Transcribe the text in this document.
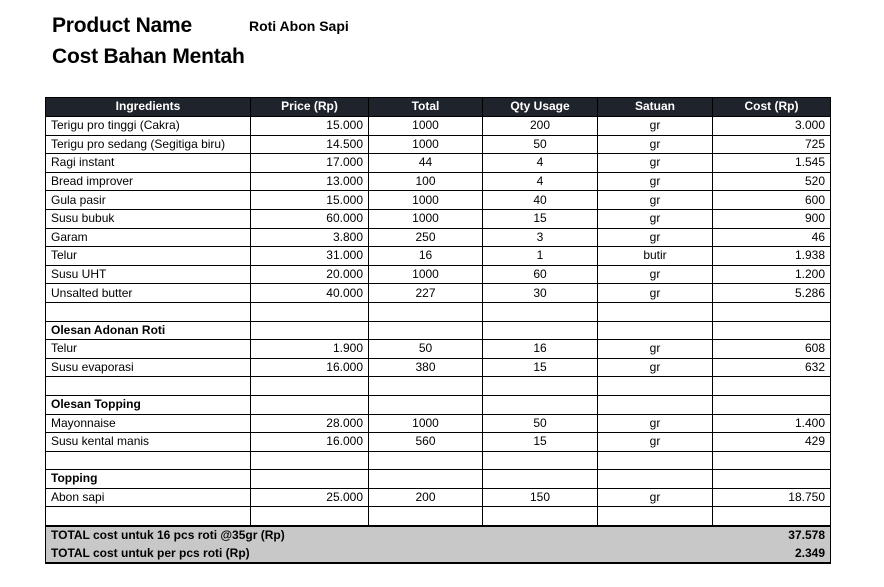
Product Name	Roti Abon Sapi
Cost Bahan Mentah
Ingredients	Price (Rp)	Total	Qty Usage	Satuan	Cost (Rp)
Terigu pro tinggi (Cakra)	15.000	1000	200	gr	3.000
Terigu pro sedang (Segitiga biru)	14.500	1000	50	gr	725
Ragi instant	17.000	44	4	gr	1.545
Bread improver	13.000	100	4	gr	520
Gula pasir	15.000	1000	40	gr	600
Susu bubuk	60.000	1000	15	gr	900
Garam	3.800	250	3	gr	46
Telur	31.000	16	1	butir	1.938
Susu UHT	20.000	1000	60	gr	1.200
Unsalted butter	40.000	227	30	gr	5.286

Olesan Adonan Roti					
Telur	1.900	50	16	gr	608
Susu evaporasi	16.000	380	15	gr	632

Olesan Topping					
Mayonnaise	28.000	1000	50	gr	1.400
Susu kental manis	16.000	560	15	gr	429

Topping					
Abon sapi	25.000	200	150	gr	18.750

TOTAL cost untuk 16 pcs roti @35gr (Rp)					37.578
TOTAL cost untuk per pcs roti (Rp)					2.349
